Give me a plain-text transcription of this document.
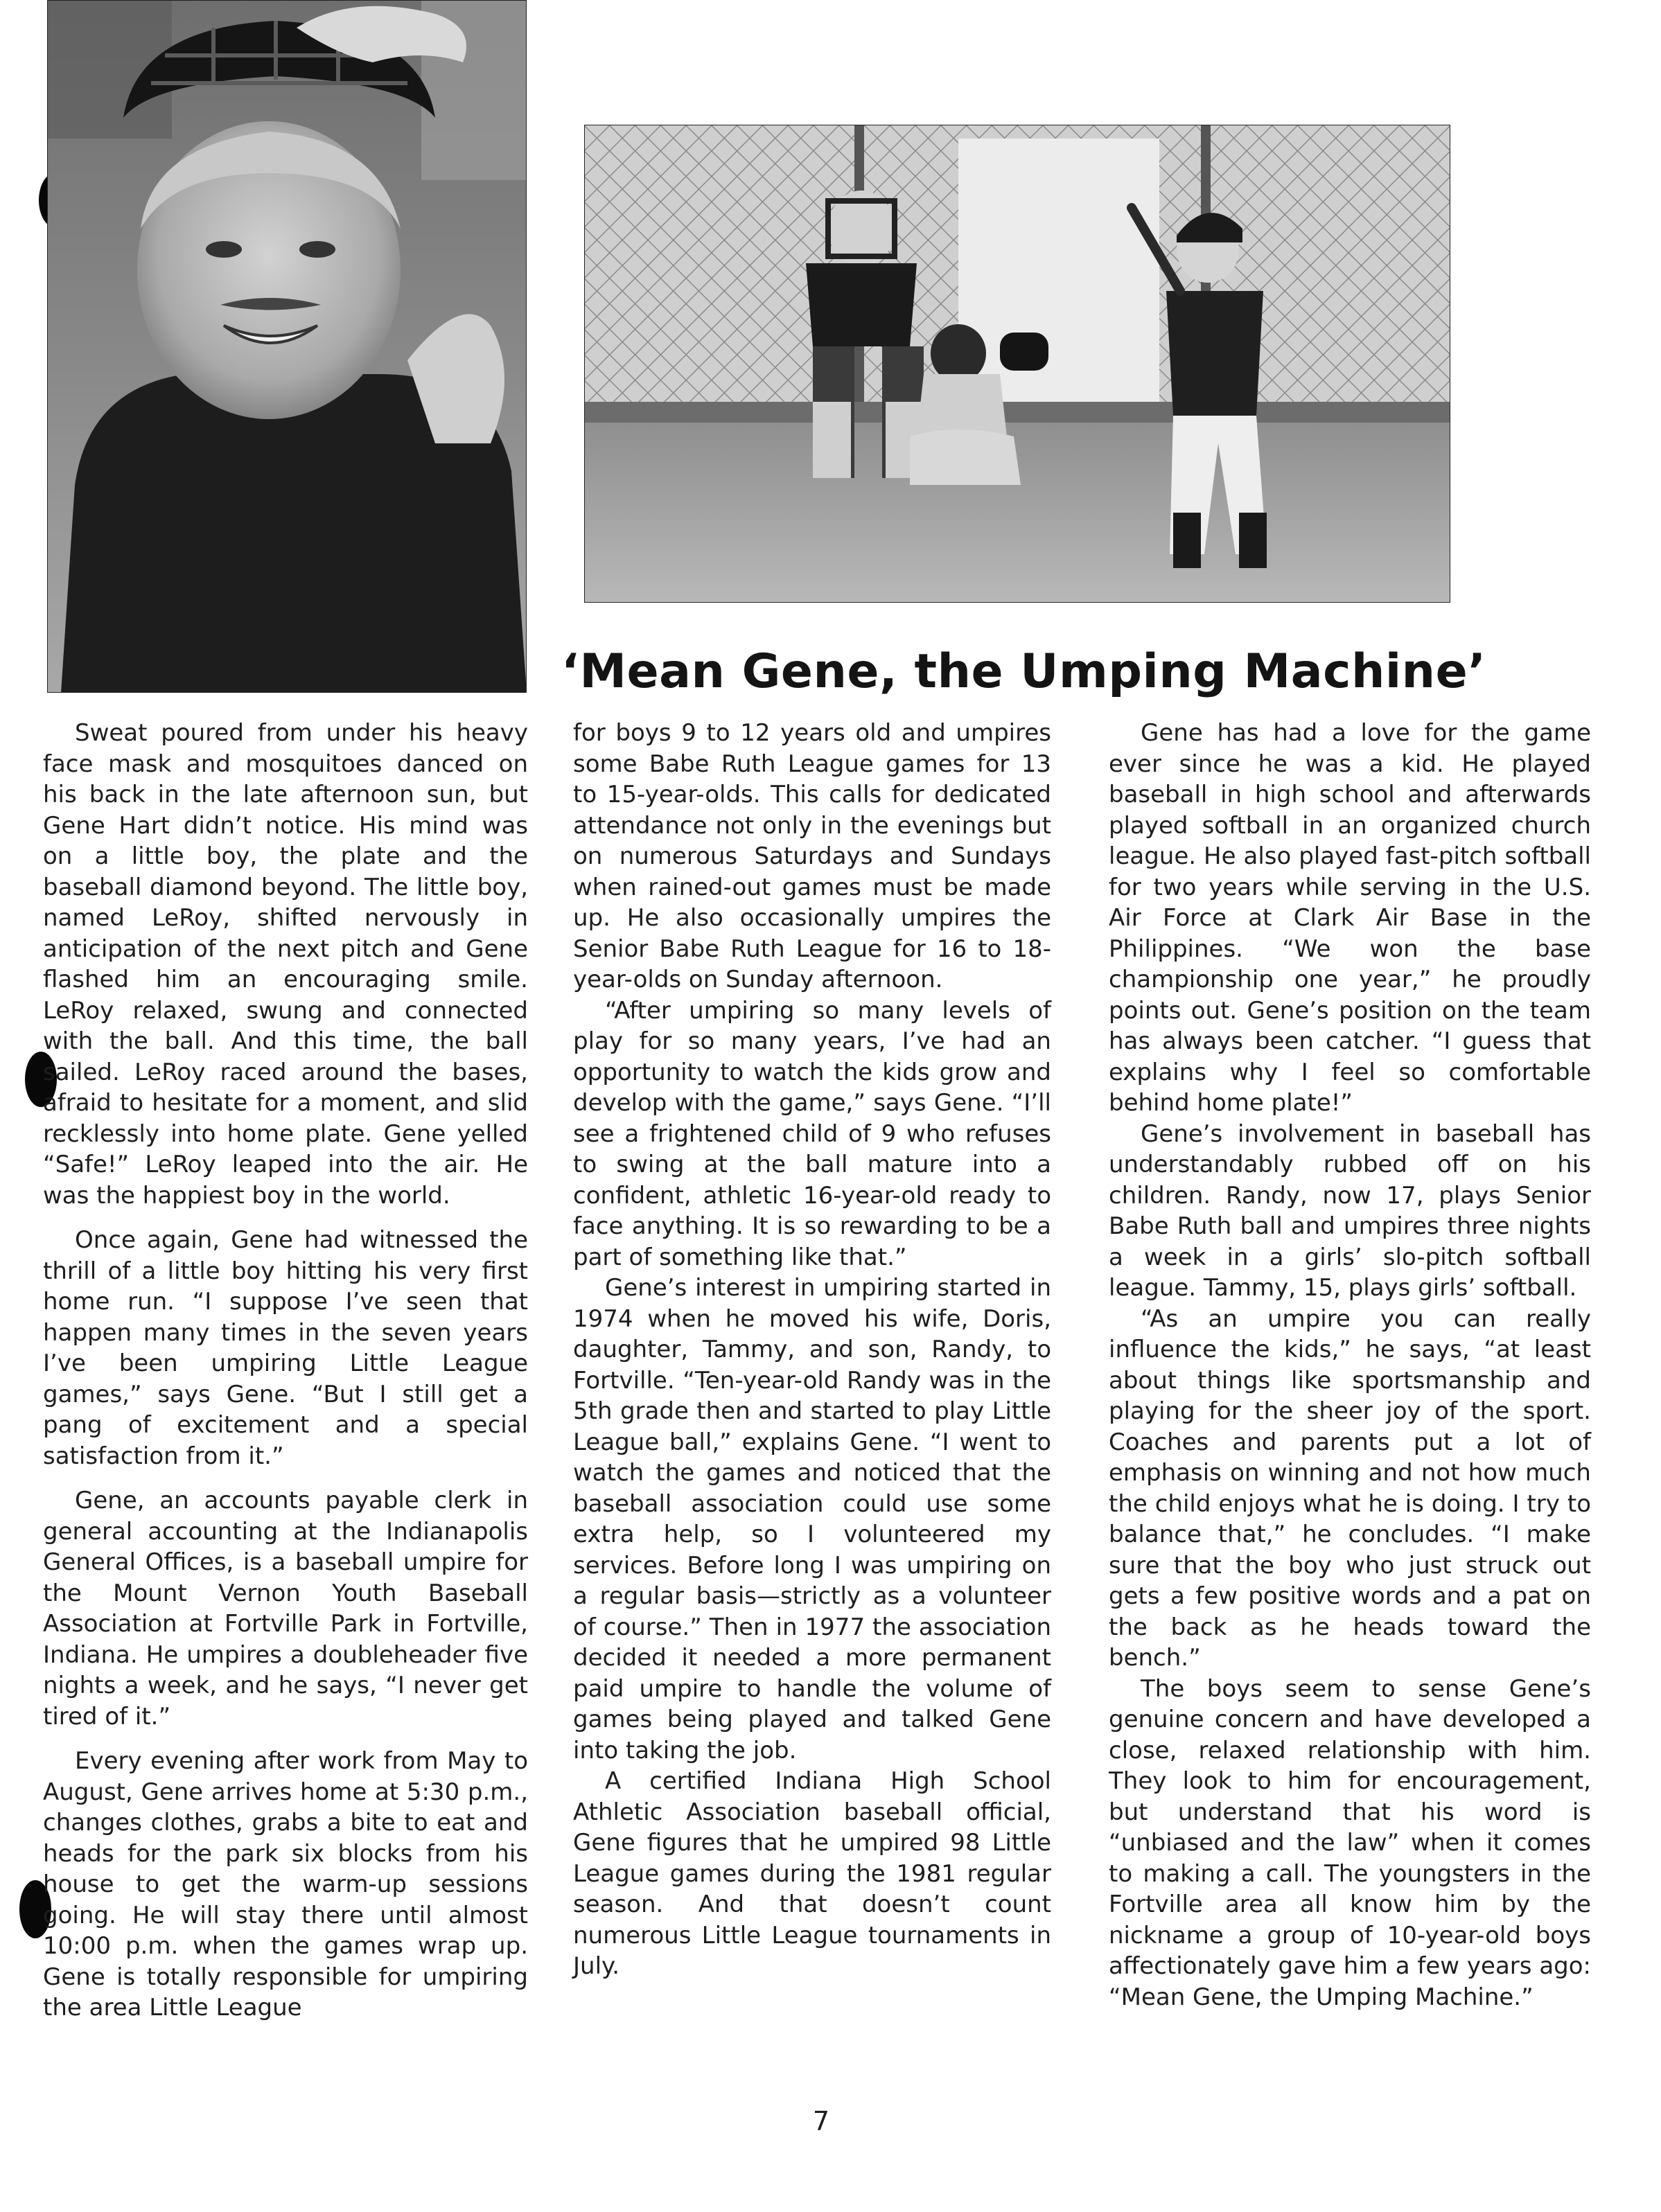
‘Mean Gene, the Umping Machine’

Sweat poured from under his heavy face mask and mosquitoes danced on his back in the late afternoon sun, but Gene Hart didn’t notice. His mind was on a little boy, the plate and the baseball diamond beyond. The little boy, named LeRoy, shifted nervously in anticipation of the next pitch and Gene flashed him an encouraging smile. LeRoy relaxed, swung and connected with the ball. And this time, the ball sailed. LeRoy raced around the bases, afraid to hesitate for a moment, and slid recklessly into home plate. Gene yelled “Safe!” LeRoy leaped into the air. He was the happiest boy in the world.

Once again, Gene had witnessed the thrill of a little boy hitting his very first home run. “I suppose I’ve seen that happen many times in the seven years I’ve been umpiring Little League games,” says Gene. “But I still get a pang of excitement and a special satisfaction from it.”

Gene, an accounts payable clerk in general accounting at the Indianapolis General Offices, is a baseball umpire for the Mount Vernon Youth Baseball Association at Fortville Park in Fortville, Indiana. He umpires a doubleheader five nights a week, and he says, “I never get tired of it.”

Every evening after work from May to August, Gene arrives home at 5:30 p.m., changes clothes, grabs a bite to eat and heads for the park six blocks from his house to get the warm-up sessions going. He will stay there until almost 10:00 p.m. when the games wrap up. Gene is totally responsible for umpiring the area Little League

for boys 9 to 12 years old and umpires some Babe Ruth League games for 13 to 15-year-olds. This calls for dedicated attendance not only in the evenings but on numerous Saturdays and Sundays when rained-out games must be made up. He also occasionally umpires the Senior Babe Ruth League for 16 to 18-year-olds on Sunday afternoon.

“After umpiring so many levels of play for so many years, I’ve had an opportunity to watch the kids grow and develop with the game,” says Gene. “I’ll see a frightened child of 9 who refuses to swing at the ball mature into a confident, athletic 16-year-old ready to face anything. It is so rewarding to be a part of something like that.”

Gene’s interest in umpiring started in 1974 when he moved his wife, Doris, daughter, Tammy, and son, Randy, to Fortville. “Ten-year-old Randy was in the 5th grade then and started to play Little League ball,” explains Gene. “I went to watch the games and noticed that the baseball association could use some extra help, so I volunteered my services. Before long I was umpiring on a regular basis—strictly as a volunteer of course.” Then in 1977 the association decided it needed a more permanent paid umpire to handle the volume of games being played and talked Gene into taking the job.

A certified Indiana High School Athletic Association baseball official, Gene figures that he umpired 98 Little League games during the 1981 regular season. And that doesn’t count numerous Little League tournaments in July.

Gene has had a love for the game ever since he was a kid. He played baseball in high school and afterwards played softball in an organized church league. He also played fast-pitch softball for two years while serving in the U.S. Air Force at Clark Air Base in the Philippines. “We won the base championship one year,” he proudly points out. Gene’s position on the team has always been catcher. “I guess that explains why I feel so comfortable behind home plate!”

Gene’s involvement in baseball has understandably rubbed off on his children. Randy, now 17, plays Senior Babe Ruth ball and umpires three nights a week in a girls’ slo-pitch softball league. Tammy, 15, plays girls’ softball.

“As an umpire you can really influence the kids,” he says, “at least about things like sportsmanship and playing for the sheer joy of the sport. Coaches and parents put a lot of emphasis on winning and not how much the child enjoys what he is doing. I try to balance that,” he concludes. “I make sure that the boy who just struck out gets a few positive words and a pat on the back as he heads toward the bench.”

The boys seem to sense Gene’s genuine concern and have developed a close, relaxed relationship with him. They look to him for encouragement, but understand that his word is “unbiased and the law” when it comes to making a call. The youngsters in the Fortville area all know him by the nickname a group of 10-year-old boys affectionately gave him a few years ago: “Mean Gene, the Umping Machine.”

7
